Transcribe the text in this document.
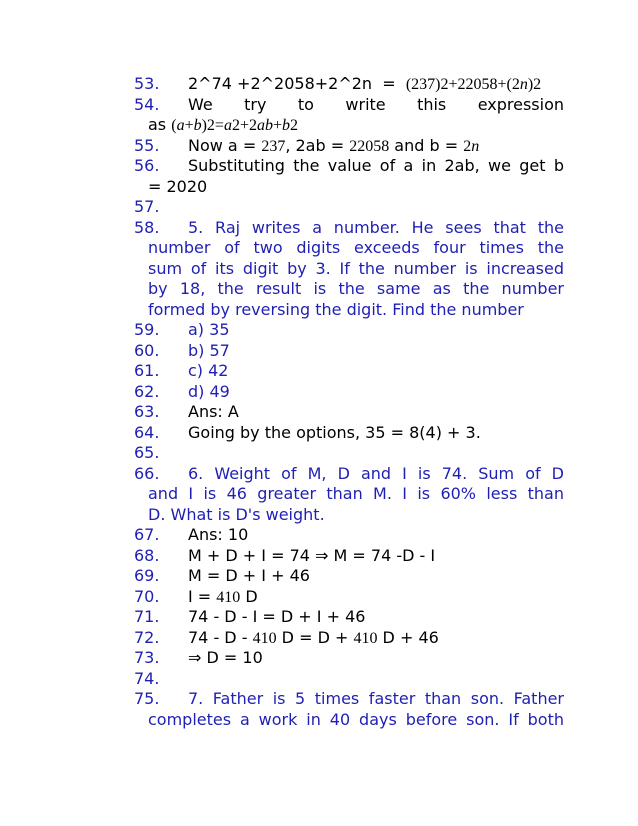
53. 2^74 +2^2058+2^2n  =  (237)2+22058+(2n)2
54. We try to write this expression
as (a+b)2=a2+2ab+b2
55. Now a = 237, 2ab = 22058 and b = 2n
56. Substituting the value of a in 2ab, we get b
= 2020
57.
58. 5. Raj writes a number. He sees that the
number of two digits exceeds four times the
sum of its digit by 3. If the number is increased
by 18, the result is the same as the number
formed by reversing the digit. Find the number
59. a) 35
60. b) 57
61. c) 42
62. d) 49
63. Ans: A
64. Going by the options, 35 = 8(4) + 3.
65.
66. 6. Weight of M, D and I is 74. Sum of D
and I is 46 greater than M. I is 60% less than
D. What is D's weight.
67. Ans: 10
68. M + D + I = 74 ⇒ M = 74 -D - I
69. M = D + I + 46
70. I = 410 D
71. 74 - D - I = D + I + 46
72. 74 - D - 410 D = D + 410 D + 46
73. ⇒ D = 10
74.
75. 7. Father is 5 times faster than son. Father
completes a work in 40 days before son. If both
